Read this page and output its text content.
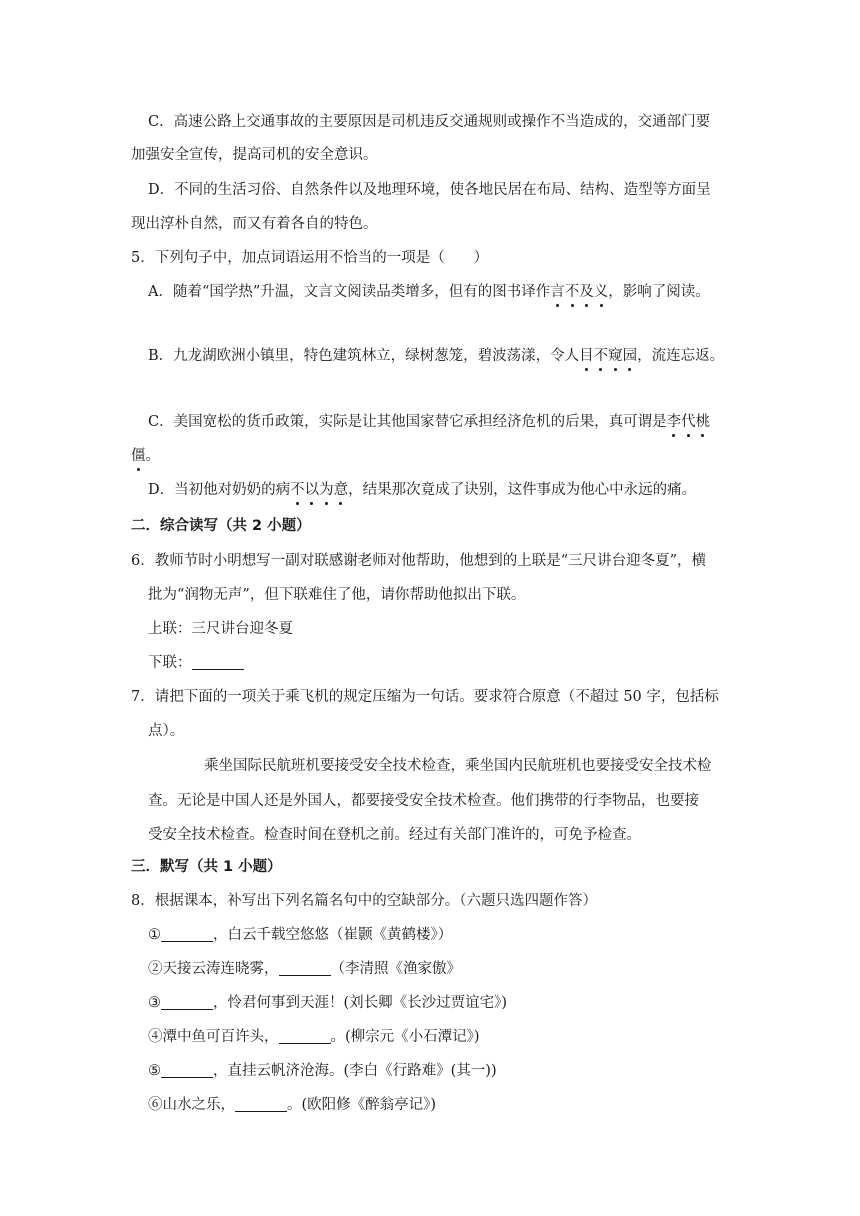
C．高速公路上交通事故的主要原因是司机违反交通规则或操作不当造成的，交通部门要
加强安全宣传，提高司机的安全意识。
D．不同的生活习俗、自然条件以及地理环境，使各地民居在布局、结构、造型等方面呈
现出淳朴自然，而又有着各自的特色。
5．下列句子中，加点词语运用不恰当的一项是（　　）
A．随着“国学热”升温，文言文阅读品类增多，但有的图书译作言不及义，影响了阅读。
B．九龙湖欧洲小镇里，特色建筑林立，绿树葱笼，碧波荡漾，令人目不窥园，流连忘返。
C．美国宽松的货币政策，实际是让其他国家替它承担经济危机的后果，真可谓是李代桃
僵。
D．当初他对奶奶的病不以为意，结果那次竟成了诀别，这件事成为他心中永远的痛。
二．综合读写（共 2 小题）
6．教师节时小明想写一副对联感谢老师对他帮助，他想到的上联是“三尺讲台迎冬夏”，横
批为“润物无声”，但下联难住了他，请你帮助他拟出下联。
上联：三尺讲台迎冬夏
下联：
7．请把下面的一项关于乘飞机的规定压缩为一句话。要求符合原意（不超过 50 字，包括标
点）。
乘坐国际民航班机要接受安全技术检查，乘坐国内民航班机也要接受安全技术检
查。无论是中国人还是外国人，都要接受安全技术检查。他们携带的行李物品，也要接
受安全技术检查。检查时间在登机之前。经过有关部门准许的，可免予检查。
三．默写（共 1 小题）
8．根据课本，补写出下列名篇名句中的空缺部分。（六题只选四题作答）
①	，白云千载空悠悠（崔颢《黄鹤楼》）
②天接云涛连晓雾，	（李清照《渔家傲》
③	，怜君何事到天涯！(刘长卿《长沙过贾谊宅》)
④潭中鱼可百许头，	。(柳宗元《小石潭记》)
⑤	，直挂云帆济沧海。(李白《行路难》(其一))
⑥山水之乐，	。(欧阳修《醉翁亭记》)
